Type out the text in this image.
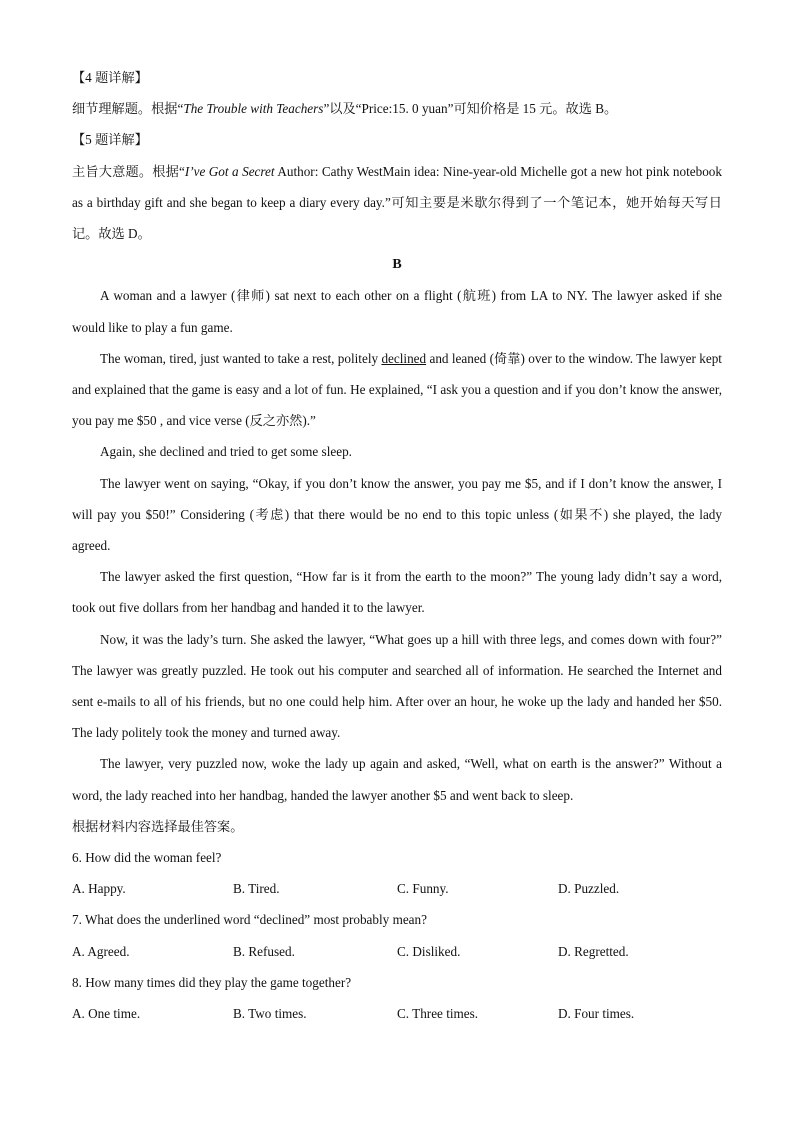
【4 题详解】

细节理解题。根据“The Trouble with Teachers”以及“Price:15. 0 yuan”可知价格是 15 元。故选 B。

【5 题详解】

主旨大意题。根据“I’ve Got a Secret Author: Cathy WestMain idea: Nine-year-old Michelle got a new hot pink notebook as a birthday gift and she began to keep a diary every day.”可知主要是米歇尔得到了一个笔记本，她开始每天写日记。故选 D。

B

A woman and a lawyer (律师) sat next to each other on a flight (航班) from LA to NY. The lawyer asked if she would like to play a fun game.

The woman, tired, just wanted to take a rest, politely declined and leaned (倚靠) over to the window. The lawyer kept and explained that the game is easy and a lot of fun. He explained, “I ask you a question and if you don’t know the answer, you pay me $50 , and vice verse (反之亦然).”

Again, she declined and tried to get some sleep.

The lawyer went on saying, “Okay, if you don’t know the answer, you pay me $5, and if I don’t know the answer, I will pay you $50!” Considering (考虑) that there would be no end to this topic unless (如果不) she played, the lady agreed.

The lawyer asked the first question, “How far is it from the earth to the moon?” The young lady didn’t say a word, took out five dollars from her handbag and handed it to the lawyer.

Now, it was the lady’s turn. She asked the lawyer, “What goes up a hill with three legs, and comes down with four?” The lawyer was greatly puzzled. He took out his computer and searched all of information. He searched the Internet and sent e-mails to all of his friends, but no one could help him. After over an hour, he woke up the lady and handed her $50. The lady politely took the money and turned away.

The lawyer, very puzzled now, woke the lady up again and asked, “Well, what on earth is the answer?” Without a word, the lady reached into her handbag, handed the lawyer another $5 and went back to sleep.

根据材料内容选择最佳答案。

6. How did the woman feel?

A. Happy.	B. Tired.	C. Funny.	D. Puzzled.

7. What does the underlined word “declined” most probably mean?

A. Agreed.	B. Refused.	C. Disliked.	D. Regretted.

8. How many times did they play the game together?

A. One time.	B. Two times.	C. Three times.	D. Four times.
